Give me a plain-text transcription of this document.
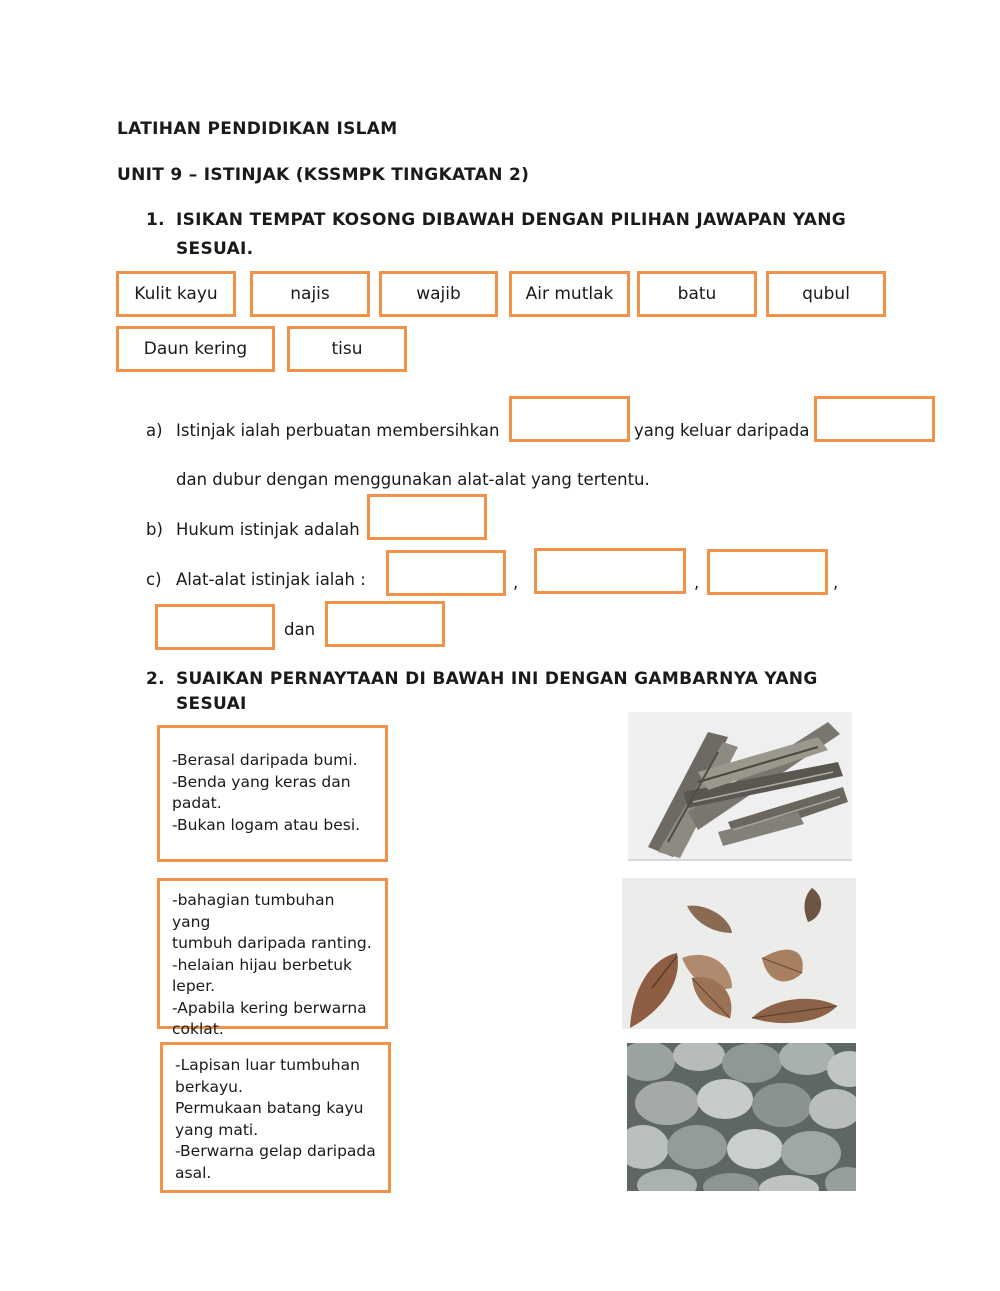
LATIHAN PENDIDIKAN ISLAM
UNIT 9 – ISTINJAK (KSSMPK TINGKATAN 2)
1. ISIKAN TEMPAT KOSONG DIBAWAH DENGAN PILIHAN JAWAPAN YANG
SESUAI.
Kulit kayu	najis	wajib	Air mutlak	batu	qubul
Daun kering	tisu
a) Istinjak ialah perbuatan membersihkan	yang keluar daripada
dan dubur dengan menggunakan alat-alat yang tertentu.
b) Hukum istinjak adalah
c) Alat-alat istinjak ialah :	,	,	,
dan
2. SUAIKAN PERNAYTAAN DI BAWAH INI DENGAN GAMBARNYA YANG
SESUAI
-Berasal daripada bumi.
-Benda yang keras dan
padat.
-Bukan logam atau besi.
-bahagian tumbuhan yang
tumbuh daripada ranting.
-helaian hijau berbetuk
leper.
-Apabila kering berwarna
coklat.
-Lapisan luar tumbuhan
berkayu.
Permukaan batang kayu
yang mati.
-Berwarna gelap daripada
asal.
